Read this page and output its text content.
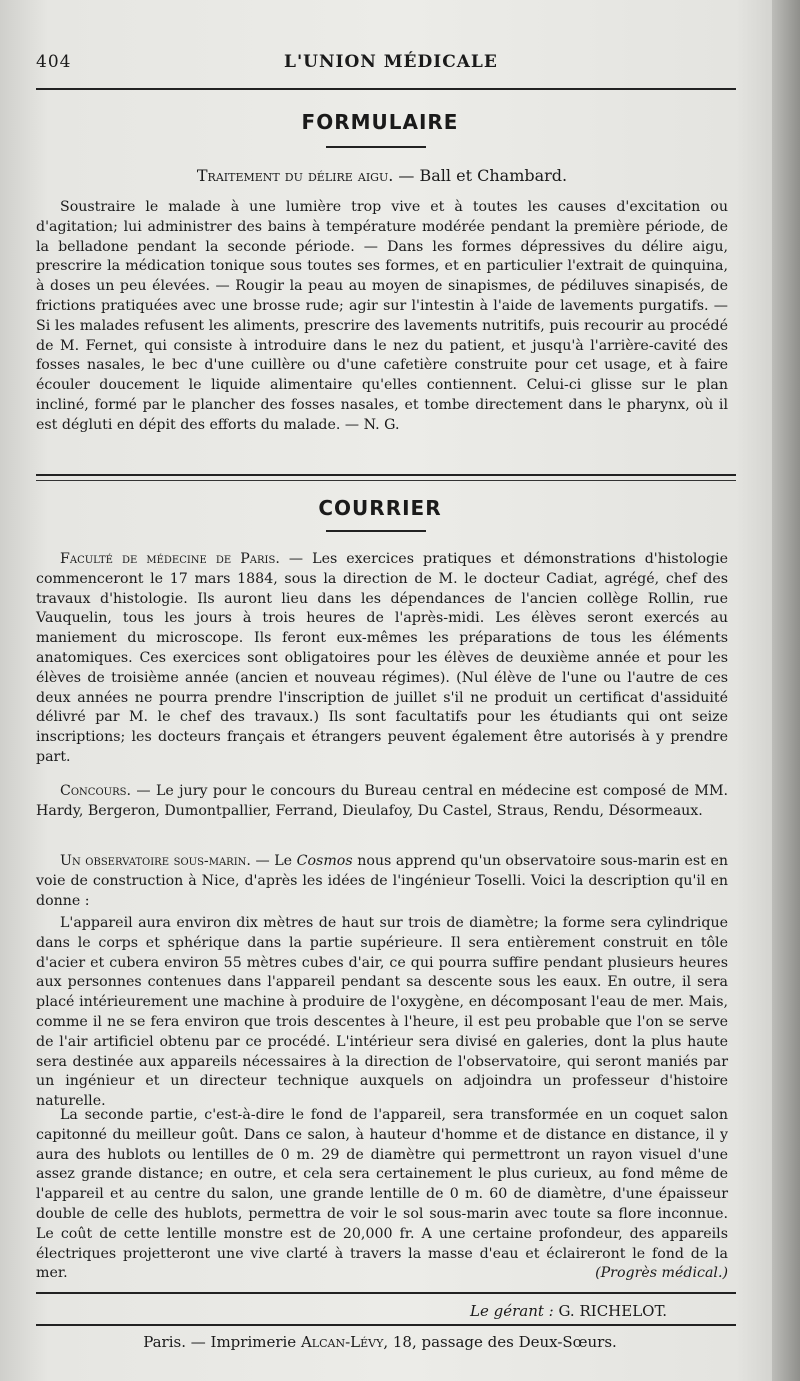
404	L'UNION MÉDICALE
FORMULAIRE
Traitement du délire aigu. — Ball et Chambard.
Soustraire le malade à une lumière trop vive et à toutes les causes d'excitation ou d'agitation; lui administrer des bains à température modérée pendant la première période, de la belladone pendant la seconde période. — Dans les formes dépressives du délire aigu, prescrire la médication tonique sous toutes ses formes, et en particulier l'extrait de quinquina, à doses un peu élevées. — Rougir la peau au moyen de sinapismes, de pédiluves sinapisés, de frictions pratiquées avec une brosse rude; agir sur l'intestin à l'aide de lavements purgatifs. — Si les malades refusent les aliments, prescrire des lavements nutritifs, puis recourir au procédé de M. Fernet, qui consiste à introduire dans le nez du patient, et jusqu'à l'arrière-cavité des fosses nasales, le bec d'une cuillère ou d'une cafetière construite pour cet usage, et à faire écouler doucement le liquide alimentaire qu'elles contiennent. Celui-ci glisse sur le plan incliné, formé par le plancher des fosses nasales, et tombe directement dans le pharynx, où il est dégluti en dépit des efforts du malade. — N. G.
COURRIER
Faculté de médecine de Paris. — Les exercices pratiques et démonstrations d'histologie commenceront le 17 mars 1884, sous la direction de M. le docteur Cadiat, agrégé, chef des travaux d'histologie. Ils auront lieu dans les dépendances de l'ancien collège Rollin, rue Vauquelin, tous les jours à trois heures de l'après-midi. Les élèves seront exercés au maniement du microscope. Ils feront eux-mêmes les préparations de tous les éléments anatomiques. Ces exercices sont obligatoires pour les élèves de deuxième année et pour les élèves de troisième année (ancien et nouveau régimes). (Nul élève de l'une ou l'autre de ces deux années ne pourra prendre l'inscription de juillet s'il ne produit un certificat d'assiduité délivré par M. le chef des travaux.) Ils sont facultatifs pour les étudiants qui ont seize inscriptions; les docteurs français et étrangers peuvent également être autorisés à y prendre part.
Concours. — Le jury pour le concours du Bureau central en médecine est composé de MM. Hardy, Bergeron, Dumontpallier, Ferrand, Dieulafoy, Du Castel, Straus, Rendu, Désormeaux.
Un observatoire sous-marin. — Le Cosmos nous apprend qu'un observatoire sous-marin est en voie de construction à Nice, d'après les idées de l'ingénieur Toselli. Voici la description qu'il en donne :
L'appareil aura environ dix mètres de haut sur trois de diamètre; la forme sera cylindrique dans le corps et sphérique dans la partie supérieure. Il sera entièrement construit en tôle d'acier et cubera environ 55 mètres cubes d'air, ce qui pourra suffire pendant plusieurs heures aux personnes contenues dans l'appareil pendant sa descente sous les eaux. En outre, il sera placé intérieurement une machine à produire de l'oxygène, en décomposant l'eau de mer. Mais, comme il ne se fera environ que trois descentes à l'heure, il est peu probable que l'on se serve de l'air artificiel obtenu par ce procédé. L'intérieur sera divisé en galeries, dont la plus haute sera destinée aux appareils nécessaires à la direction de l'observatoire, qui seront maniés par un ingénieur et un directeur technique auxquels on adjoindra un professeur d'histoire naturelle.
La seconde partie, c'est-à-dire le fond de l'appareil, sera transformée en un coquet salon capitonné du meilleur goût. Dans ce salon, à hauteur d'homme et de distance en distance, il y aura des hublots ou lentilles de 0 m. 29 de diamètre qui permettront un rayon visuel d'une assez grande distance; en outre, et cela sera certainement le plus curieux, au fond même de l'appareil et au centre du salon, une grande lentille de 0 m. 60 de diamètre, d'une épaisseur double de celle des hublots, permettra de voir le sol sous-marin avec toute sa flore inconnue. Le coût de cette lentille monstre est de 20,000 fr. A une certaine profondeur, des appareils électriques projetteront une vive clarté à travers la masse d'eau et éclaireront le fond de la mer.	(Progrès médical.)
Le gérant : G. RICHELOT.
Paris. — Imprimerie Alcan-Lévy, 18, passage des Deux-Sœurs.
